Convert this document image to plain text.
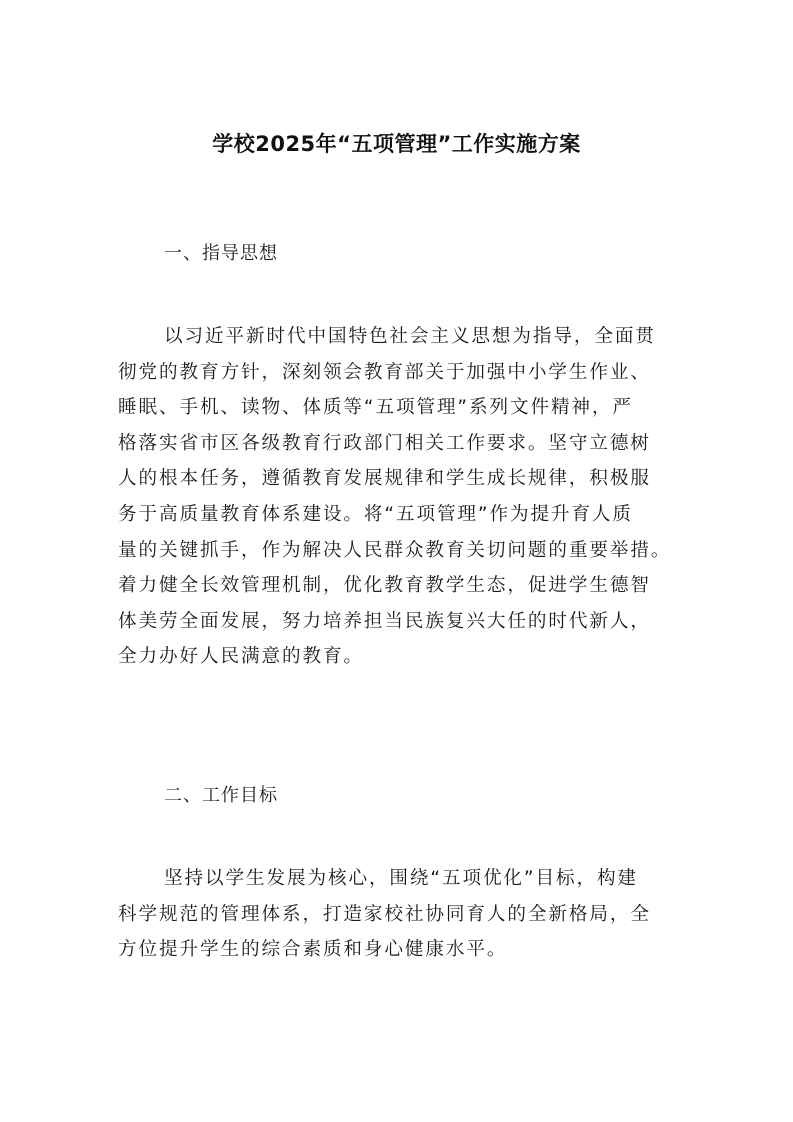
学校2025年“五项管理”工作实施方案
一、指导思想
以习近平新时代中国特色社会主义思想为指导，全面贯
彻党的教育方针，深刻领会教育部关于加强中小学生作业、
睡眠、手机、读物、体质等“五项管理”系列文件精神，严
格落实省市区各级教育行政部门相关工作要求。坚守立德树
人的根本任务，遵循教育发展规律和学生成长规律，积极服
务于高质量教育体系建设。将“五项管理”作为提升育人质
量的关键抓手，作为解决人民群众教育关切问题的重要举措。
着力健全长效管理机制，优化教育教学生态，促进学生德智
体美劳全面发展，努力培养担当民族复兴大任的时代新人，
全力办好人民满意的教育。
二、工作目标
坚持以学生发展为核心，围绕“五项优化”目标，构建
科学规范的管理体系，打造家校社协同育人的全新格局，全
方位提升学生的综合素质和身心健康水平。
